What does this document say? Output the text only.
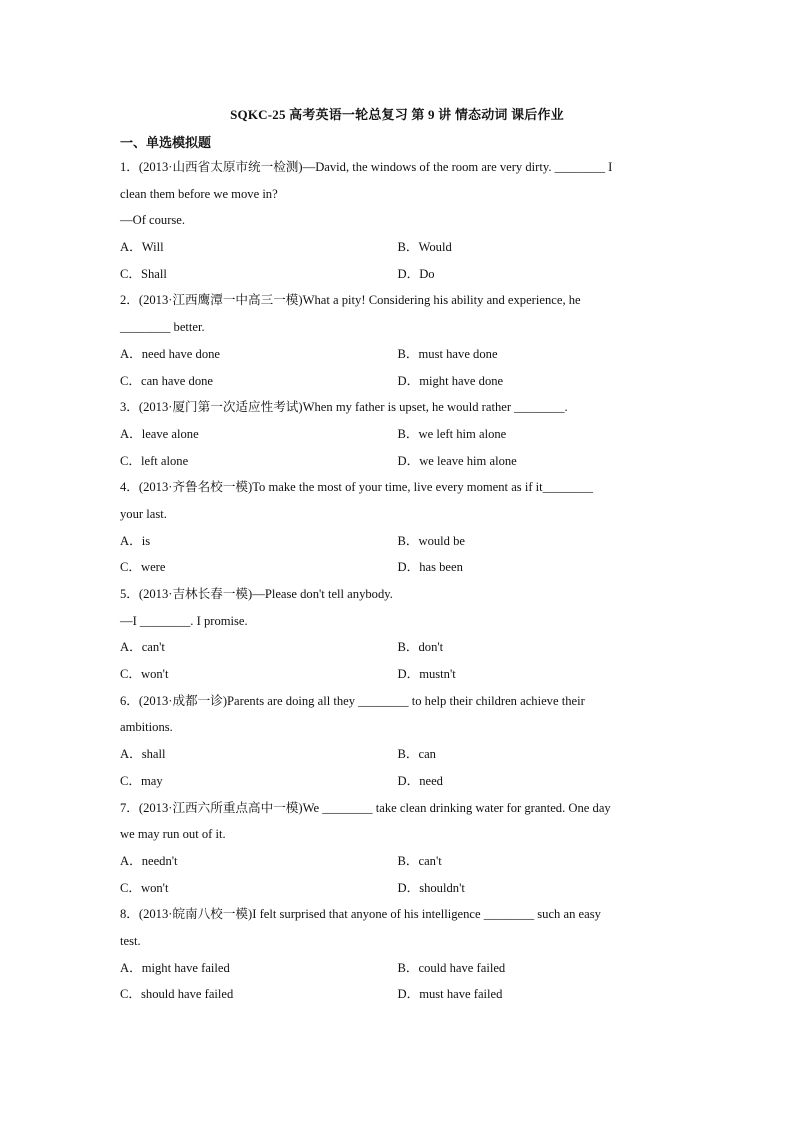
SQKC-25 高考英语一轮总复习 第 9 讲 情态动词 课后作业
一、单选模拟题
1．(2013·山西省太原市统一检测)—David, the windows of the room are very dirty. ________ I
clean them before we move in?
—Of course.
A．Will	B．Would
C．Shall	D．Do
2．(2013·江西鹰潭一中高三一模)What a pity! Considering his ability and experience, he
________ better.
A．need have done	B．must have done
C．can have done	D．might have done
3．(2013·厦门第一次适应性考试)When my father is upset, he would rather ________.
A．leave alone	B．we left him alone
C．left alone	D．we leave him alone
4．(2013·齐鲁名校一模)To make the most of your time, live every moment as if it________
your last.
A．is	B．would be
C．were	D．has been
5．(2013·吉林长春一模)—Please don't tell anybody.
—I ________. I promise.
A．can't	B．don't
C．won't	D．mustn't
6．(2013·成都一诊)Parents are doing all they ________ to help their children achieve their
ambitions.
A．shall	B．can
C．may	D．need
7．(2013·江西六所重点高中一模)We ________ take clean drinking water for granted. One day
we may run out of it.
A．needn't	B．can't
C．won't	D．shouldn't
8．(2013·皖南八校一模)I felt surprised that anyone of his intelligence ________ such an easy
test.
A．might have failed	B．could have failed
C．should have failed	D．must have failed
